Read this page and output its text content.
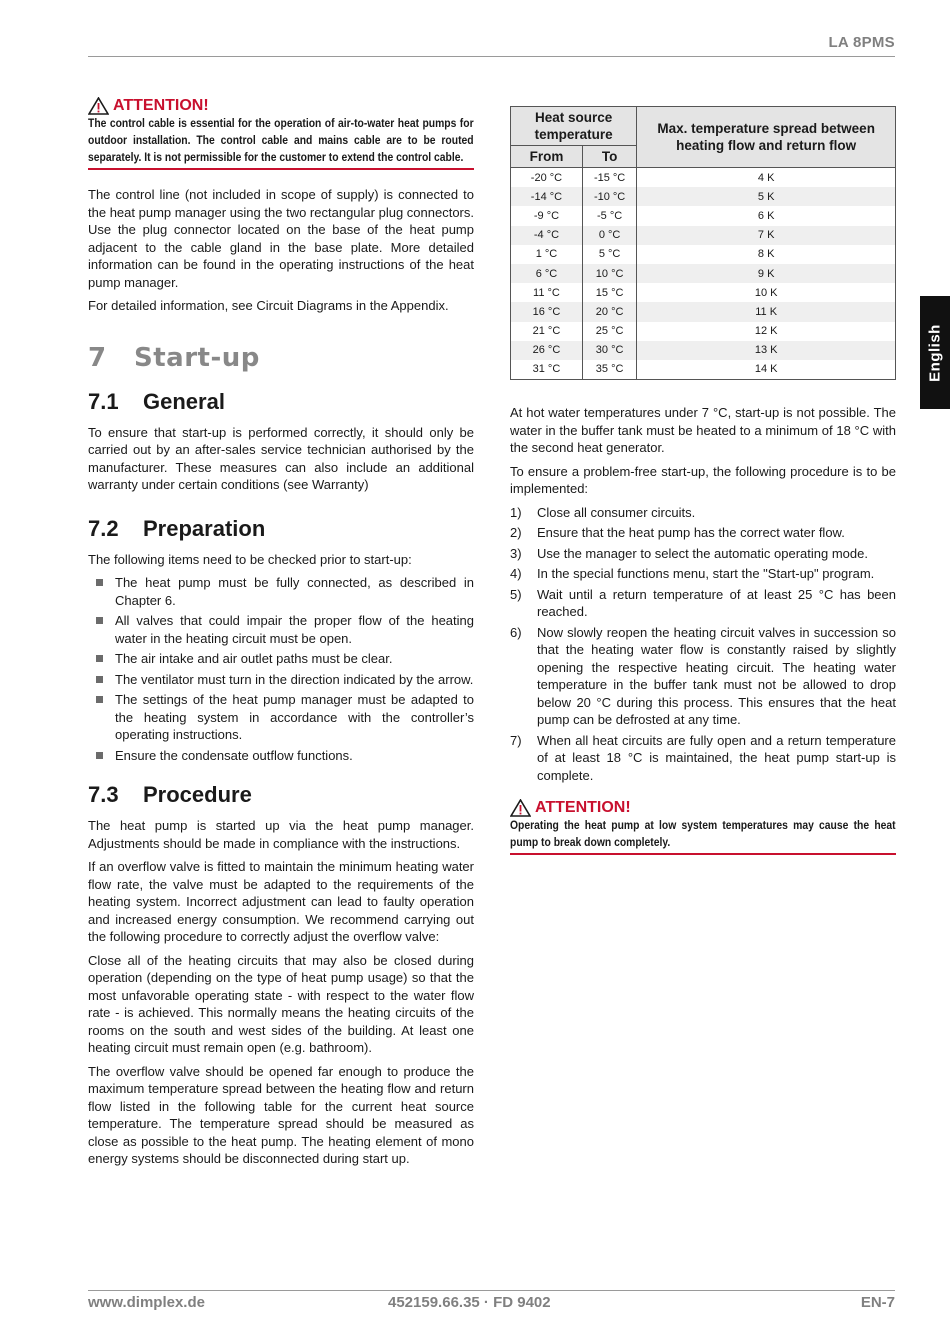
LA 8PMS
English
ATTENTION!
The control cable is essential for the operation of air-to-water heat pumps for outdoor installation. The control cable and mains cable are to be routed separately. It is not permissible for the customer to extend the control cable.

The control line (not included in scope of supply) is connected to the heat pump manager using the two rectangular plug connectors. Use the plug connector located on the base of the heat pump adjacent to the cable gland in the base plate. More detailed information can be found in the operating instructions of the heat pump manager.

For detailed information, see Circuit Diagrams in the Appendix.

7 Start-up
7.1 General

To ensure that start-up is performed correctly, it should only be carried out by an after-sales service technician authorised by the manufacturer. These measures can also include an additional warranty under certain conditions (see Warranty)

7.2 Preparation

The following items need to be checked prior to start-up:

The heat pump must be fully connected, as described in Chapter 6.
All valves that could impair the proper flow of the heating water in the heating circuit must be open.
The air intake and air outlet paths must be clear.
The ventilator must turn in the direction indicated by the arrow.
The settings of the heat pump manager must be adapted to the heating system in accordance with the controller’s operating instructions.
Ensure the condensate outflow functions.
7.3 Procedure

The heat pump is started up via the heat pump manager. Adjustments should be made in compliance with the instructions.

If an overflow valve is fitted to maintain the minimum heating water flow rate, the valve must be adapted to the requirements of the heating system. Incorrect adjustment can lead to faulty operation and increased energy consumption. We recommend carrying out the following procedure to correctly adjust the overflow valve:

Close all of the heating circuits that may also be closed during operation (depending on the type of heat pump usage) so that the most unfavorable operating state - with respect to the water flow rate - is achieved. This normally means the heating circuits of the rooms on the south and west sides of the building. At least one heating circuit must remain open (e.g. bathroom).

The overflow valve should be opened far enough to produce the maximum temperature spread between the heating flow and return flow listed in the following table for the current heat source temperature. The temperature spread should be measured as close as possible to the heat pump. The heating element of mono energy systems should be disconnected during start up.

Heat source temperature		Max. temperature spread between heating flow and return flow
From	To	
-20 °C	-15 °C	4 K
-14 °C	-10 °C	5 K
-9 °C	-5 °C	6 K
-4 °C	0 °C	7 K
1 °C	5 °C	8 K
6 °C	10 °C	9 K
11 °C	15 °C	10 K
16 °C	20 °C	11 K
21 °C	25 °C	12 K
26 °C	30 °C	13 K
31 °C	35 °C	14 K

At hot water temperatures under 7 °C, start-up is not possible. The water in the buffer tank must be heated to a minimum of 18 °C with the second heat generator.

To ensure a problem-free start-up, the following procedure is to be implemented:

1) Close all consumer circuits.
2) Ensure that the heat pump has the correct water flow.
3) Use the manager to select the automatic operating mode.
4) In the special functions menu, start the "Start-up" program.
5) Wait until a return temperature of at least 25 °C has been reached.
6) Now slowly reopen the heating circuit valves in succession so that the heating water flow is constantly raised by slightly opening the respective heating circuit. The heating water temperature in the buffer tank must not be allowed to drop below 20 °C during this process. This ensures that the heat pump can be defrosted at any time.
7) When all heat circuits are fully open and a return temperature of at least 18 °C is maintained, the heat pump start-up is complete.
ATTENTION!
Operating the heat pump at low system temperatures may cause the heat pump to break down completely.
www.dimplex.de	452159.66.35 · FD 9402	EN-7
